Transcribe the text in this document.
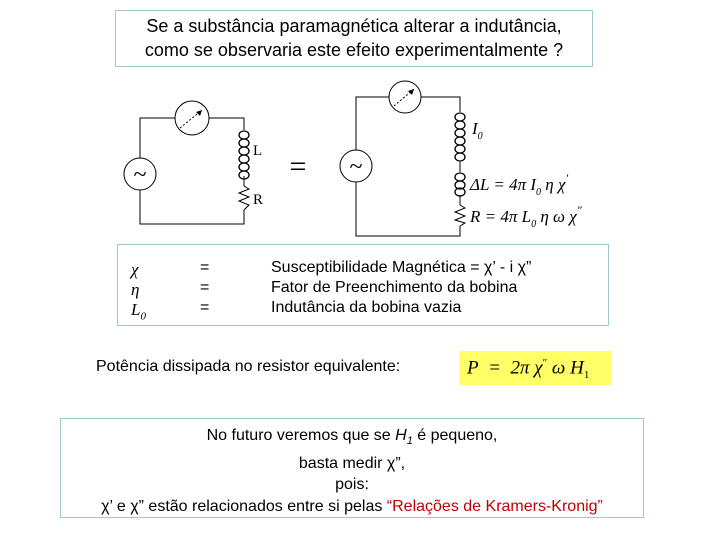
Se a substância paramagnética alterar a indutância,
como se observaria este efeito experimentalmente ?
~
L
R
= ~
$I_0$
ΔL = 4π $I_0$ η χ′
R = 4π $L_0$ η ω χ″
χ
η
$L_0$
=
=
=
Susceptibilidade Magnética = χ’ - i χ”
Fator de Preenchimento da bobina
Indutância da bobina vazia
Potência dissipada no resistor equivalente:	P = 2π χ″ ω $H_1$
No futuro veremos que se $H_1$ é pequeno,
basta medir χ”,
pois:
χ’ e χ” estão relacionados entre si pelas “Relações de Kramers-Kronig”
